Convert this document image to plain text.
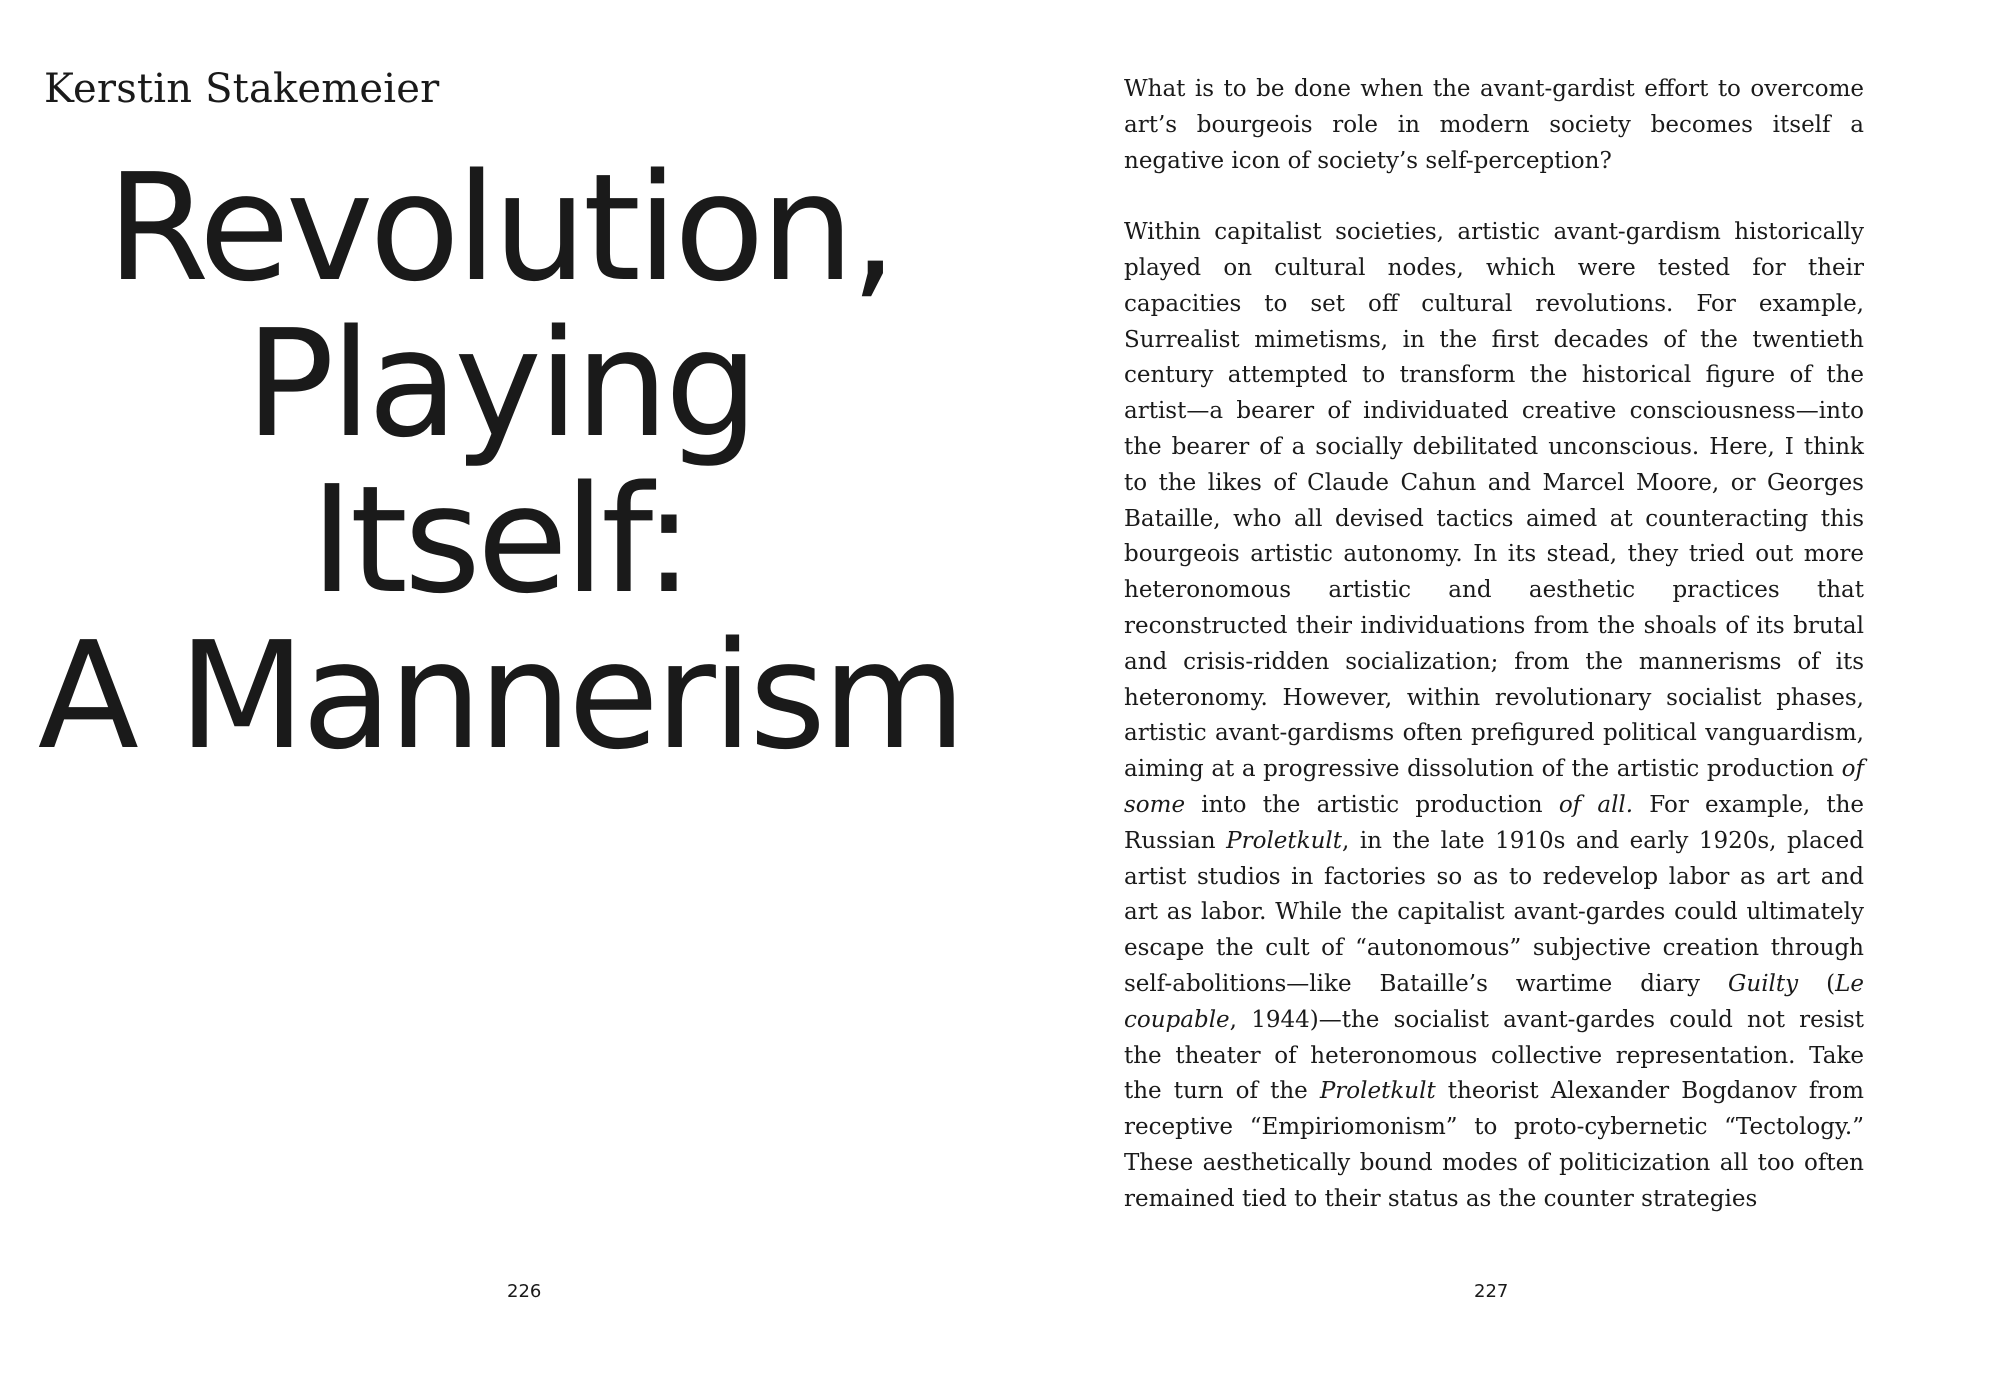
Kerstin Stakemeier
Revolution,
Playing
Itself:
A Mannerism
226

What is to be done when the avant-gardist effort to overcome art’s bourgeois role in modern society becomes itself a negative icon of society’s self-perception?

Within capitalist societies, artistic avant-gardism historically played on cultural nodes, which were tested for their capacities to set off cultural revolutions. For example, Surrealist mimetisms, in the first decades of the twentieth century attempted to transform the historical figure of the artist—a bearer of individuated creative consciousness—into the bearer of a socially debilitated unconscious. Here, I think to the likes of Claude Cahun and Marcel Moore, or Georges Bataille, who all devised tactics aimed at counteracting this bourgeois artistic autonomy. In its stead, they tried out more heteronomous artistic and aesthetic practices that reconstructed their individuations from the shoals of its brutal and crisis-ridden socialization; from the mannerisms of its heteronomy. However, within revolutionary socialist phases, artistic avant-gardisms often prefigured political vanguardism, aiming at a progressive dissolution of the artistic production of some into the artistic production of all. For example, the Russian Proletkult, in the late 1910s and early 1920s, placed artist studios in factories so as to redevelop labor as art and art as labor. While the capitalist avant-gardes could ultimately escape the cult of “autonomous” subjective creation through self-abolitions—like Bataille’s wartime diary Guilty (Le coupable, 1944)—the socialist avant-gardes could not resist the theater of heteronomous collective representation. Take the turn of the Proletkult theorist Alexander Bogdanov from receptive “Empiriomonism” to proto-cybernetic “Tectology.” These aesthetically bound modes of politicization all too often remained tied to their status as the counter strategies

227
